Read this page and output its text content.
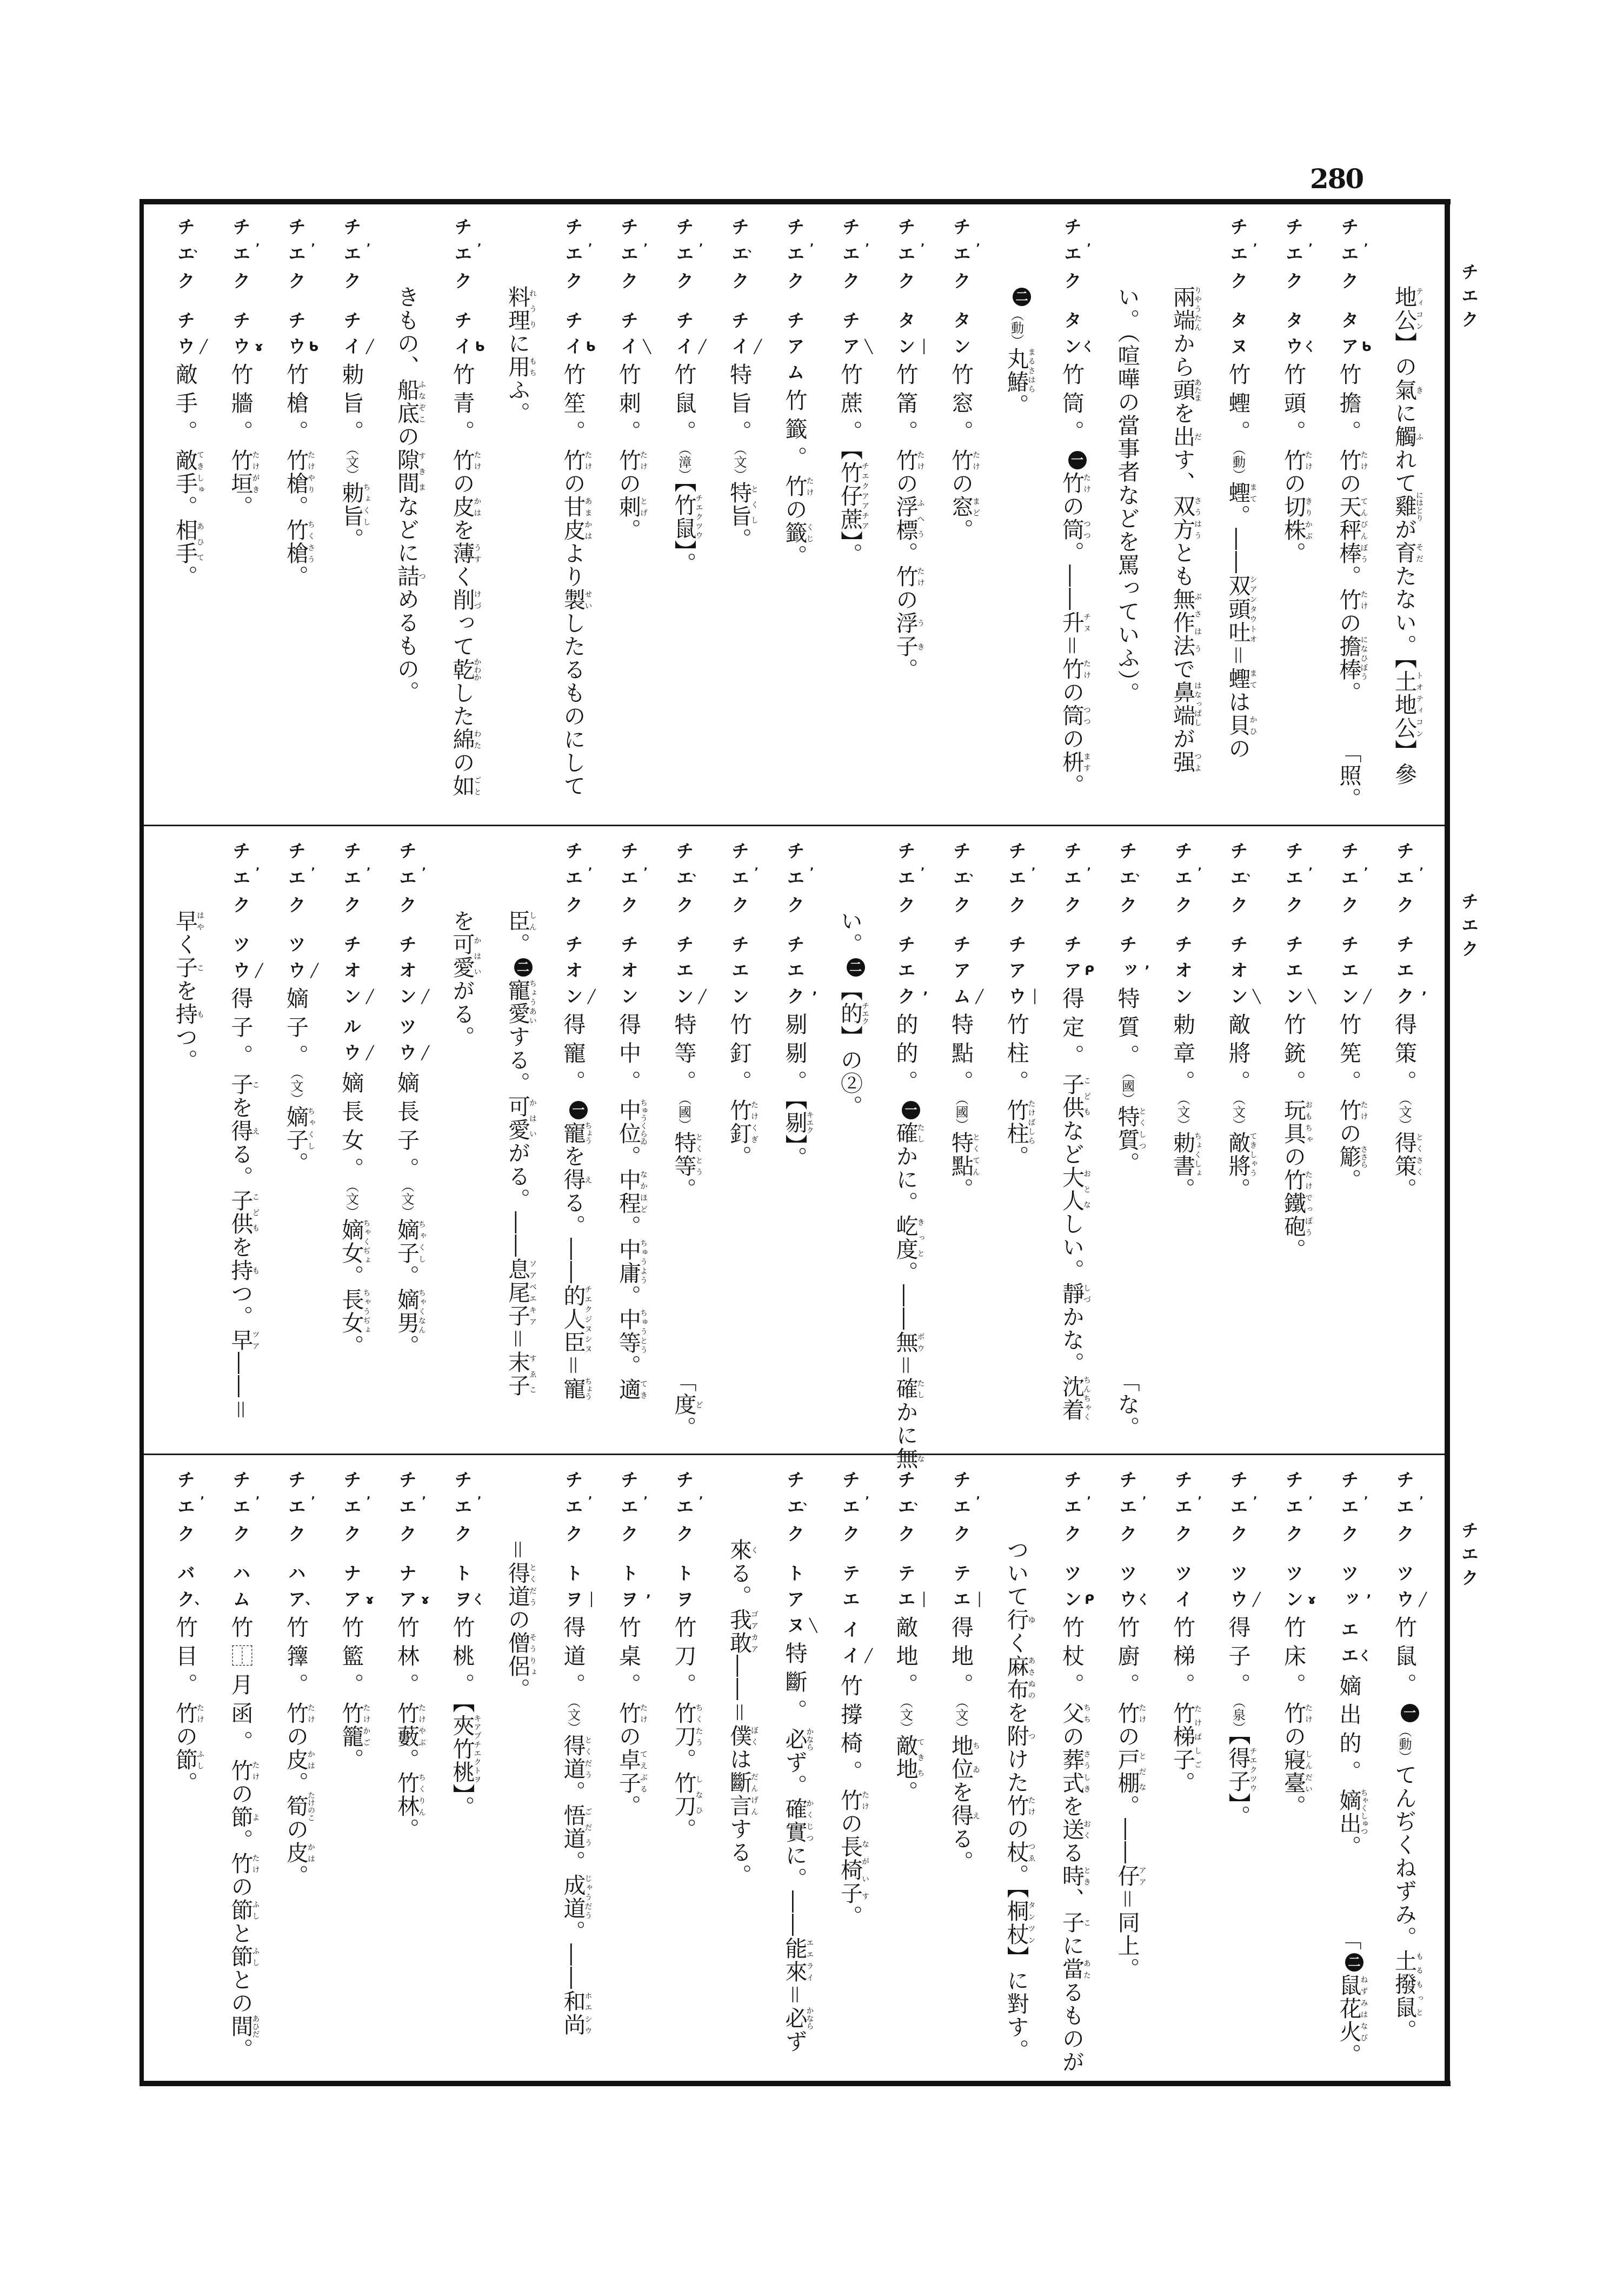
280
チエク
チエク
チエク
地ティ公コン】の氣きに觸ふれて雞にはとりが育そだたない。【土地公トオティコン】參
チエク ʼ
タア ᑲ
竹擔。竹たけの天秤棒てんびんぼう。竹たけの擔棒になひぼう。
「照。
チエク ʼ
タウ
く
竹頭。竹たけの切株きりかぶ。
チエク ʼ
タヌ竹蟶。（動）蟶まて。――双頭吐シアンタウトオ＝蟶まては貝かひの
兩端りやうたんから頭あたまを出だす、双方さうはうとも無作法ぶさはうで鼻端はなっぱしが强つよ
い。（喧嘩の當事者などを罵っていふ）。
チエク ʼ
タン
く
竹筒。一竹たけの筒つつ。――升チヌ＝竹たけの筒つつの枡ます。
二（動）丸鰆まるさはら。
チエク ʼ
タン竹窓。竹たけの窓まど。
チエク ʼ
タン │
竹筩。竹たけの浮標ふへう。竹たけの浮子うき。
チエク ʼ
チア ╲
竹蔗。【竹仔蔗チエクアアチア】。
チエク ʼ
チアム竹籤。竹たけの籤くじ。
チエク
、
チイ ╱
特旨。（文）特旨とくし。
チエク ʼ
チイ ╱
竹鼠。（漳）【竹鼠チエクツウ】。
チエク ʼ
チイ ╲
竹刺。竹たけの刺とげ。
チエク ʼ
チイ ᑲ
竹笙。竹たけの甘皮あまかはより製せいしたるものにして
料理れうりに用もちふ。
チエク ʼ
チイ ᑲ
竹青。竹たけの皮かはを薄うすく削けづって乾かわかした綿わたの如ごと
きもの、船底ふなぞこの隙間すきまなどに詰つめるもの。
チエク ʼ
チイ ╱
勅旨。（文）勅旨ちょくし。
チエク ʼ
チウ ᑲ
竹槍。竹槍たけやり。竹槍ちくさう。
チエク ʼ
チウ ɤ
竹牆。竹垣たけがき。
チエク
、
チウ ╱
敵手。敵手てきしゅ。相手あひて。
チエク ʼ
チエク ʼ
得策。（文）得策とくさく。
チエク ʼ
チエン ╱
竹筅。竹たけの簓ささら。
チエク ʼ
チエン ╲
竹銃。玩具おもちゃの竹鐵砲たけでっぽう。
チエク
、
チオン ╲
敵將。（文）敵將てきしゃう。
チエク ʼ
チオン勅章。（文）勅書ちょくしょ。
チエク
、
チッ ʼ
特質。（國）特質とくしつ。
「な。
チエク ʼ
チア ᑭ
得定。子供こどもなど大人おとなしい。靜しづかな。沈着ちんちゃく
チエク ʼ
チアウ │
竹柱。竹柱たけばしら。
チエク
、
チアム ╱
特點。（國）特點とくてん。
チエク ʼ
チエク ʼ
的的。一確たしかに。屹度きっと。――無ボウ＝確たしかに無な
い。二【的チエク】の②。
チエク ʼ
チエク ʼ
剔剔。【剔キエク】。
チエク ʼ
チエン竹釘。竹釘たけくぎ。
チエク
、
チエン ╱
特等。（國）特等とくとう。
「度ど。
チエク ʼ
チオン得中。中位ちゅうくらゐ。中程なかほど。中庸ちゅうよう。中等ちゅうとう。適てき
チエク ʼ
チオン ╱
得寵。一寵ちょうを得える。――的人臣チエクジヌシヌ＝寵ちょう
臣しん。二寵愛ちょうあいする。可愛かはいがる。――息尾子ソアベエキア＝末子すゑこ
を可愛かはいがる。
チエク ʼ
チオン ╱
ツウ ╱
嫡長子。（文）嫡子ちゃくし。嫡男ちゃくなん。
チエク ʼ
チオン ╱
ルウ ╱
嫡長女。（文）嫡女ちゃくぢょ。長女ちゃうぢょ。
チエク ʼ
ツウ ╱
嫡子。（文）嫡子ちゃくし。
チエク ʼ
ツウ ╱
得子。子こを得える。子供こどもを持もつ。早ツア――＝
早はやく子こを持もつ。
チエク ʼ
ツウ ╱
竹鼠。一（動）てんぢくねずみ。土撥鼠もるもっと。
チエク ʼ
ツッ ʼ
エエ
く
嫡出的。嫡出ちゃくしゅつ。
「二鼠花火ねずみはなび。
チエク ʼ
ツン ɤ
竹床。竹たけの寢臺しんだい。
チエク ʼ
ツウ ╱
得子。（泉）【得子チエクツウ】。
チエク ʼ
ツイ竹梯。竹梯子たけばしご。
チエク ʼ
ツウ
く
竹廚。竹たけの戸棚とだな。――仔アア＝同上。
チエク ʼ
ツン ᑭ
竹杖。父ちちの葬式さうしきを送おくる時とき、子こに當あたるものが
ついて行ゆく麻布あさぬのを附つけた竹たけの杖つゑ。【桐杖タンツン】に對す。
チエク ʼ
テエ │
得地。（文）地位ちゐを得える。
チエク
、
テエ │
敵地。（文）敵地てきち。
チエク ʼ
テエイイ ╱
竹撐椅。竹たけの長椅子ながいす。
チエク
、
トアヌ ╲
特斷。必かならず。確實かくじつに。――能來エエライ＝必かならず
來くる。我敢ゴアカア――＝僕ぼくは斷言だんげんする。
チエク ʼ
トヲ竹刀。竹刀ちくたう。竹刀しなひ。
チエク ʼ
トヲ ʼ
竹桌。竹たけの卓子てえぶる。
チエク ʼ
トヲ │
得道。（文）得道とくだう。悟道ごだう。成道じゃうだう。――和尚ホエシウ
＝得道とくだうの僧侶そうりょ。
チエク ʼ
トヲ
く
竹桃。【夾竹桃キアプチエクトヲ】。
チエク ʼ
ナア ɤ
竹林。竹藪たけやぶ。竹林ちくりん。
チエク ʼ
ナア ɤ
竹籃。竹籠たけかご。
チエク ʼ
ハア
、
竹籜。竹たけの皮かは。筍たけのこの皮かは。
チエク ʼ
ハム竹⿰月函。竹たけの節よ。竹たけの節ふしと節ふしとの間あひだ。
チエク ʼ
バク
、
竹目。竹たけの節ふし。
